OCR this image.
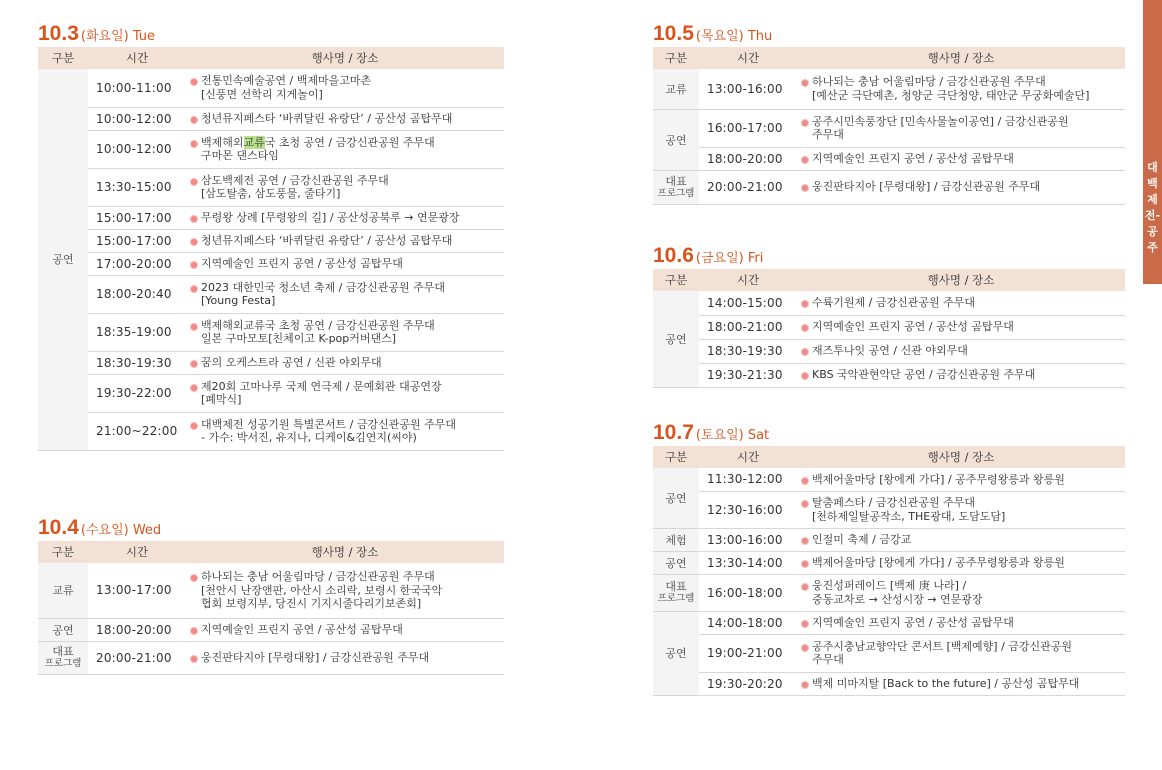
10.3 (화요일) Tue
구분	시간	행사명 / 장소
공연	10:00-11:00	전통민속예술공연 / 백제마을고마촌
[신풍면 선학리 지게놀이]

	10:00-12:00	청년뮤지페스타 ‘바퀴달린 유랑단’ / 공산성 곰탑무대

	10:00-12:00	백제해외교류국 초청 공연 / 금강신관공원 주무대
구마몬 댄스타임

	13:30-15:00	삼도백제전 공연 / 금강신관공원 주무대
[삼도탈춤, 삼도풍물, 줄타기]

	15:00-17:00	무령왕 상례 [무령왕의 길] / 공산성공북루 → 연문광장

	15:00-17:00	청년뮤지페스타 ‘바퀴달린 유랑단’ / 공산성 곰탑무대

	17:00-20:00	지역예술인 프린지 공연 / 공산성 곰탑무대

	18:00-20:40	2023 대한민국 청소년 축제 / 금강신관공원 주무대
[Young Festa]

	18:35-19:00	백제해외교류국 초청 공연 / 금강신관공원 주무대
일본 구마모토[친체이고 K-pop커버댄스]

	18:30-19:30	꿈의 오케스트라 공연 / 신관 야외무대

	19:30-22:00	제20회 고마나루 국제 연극제 / 문예회관 대공연장
[폐막식]

	21:00~22:00	대백제전 성공기원 특별콘서트 / 금강신관공원 주무대
- 가수: 박서진, 유지나, 디케이&김연지(씨야)
10.4 (수요일) Wed
구분	시간	행사명 / 장소
교류	13:00-17:00	하나되는 충남 어울림마당 / 금강신관공원 주무대
[천안시 난장앤판, 아산시 소리락, 보령시 한국국악
협회 보령지부, 당진시 기지시줄다리기보존회]

공연	18:00-20:00	지역예술인 프린지 공연 / 공산성 곰탑무대

대표
프로그램	20:00-21:00	웅진판타지아 [무령대왕] / 금강신관공원 주무대
10.5 (목요일) Thu
구분	시간	행사명 / 장소
교류	13:00-16:00	하나되는 충남 어울림마당 / 금강신관공원 주무대
[예산군 극단예촌, 청양군 극단청양, 태안군 무궁화예술단]

공연	16:00-17:00	공주시민속풍장단 [민속사물놀이공연] / 금강신관공원
주무대

	18:00-20:00	지역예술인 프린지 공연 / 공산성 곰탑무대

대표
프로그램	20:00-21:00	웅진판타지아 [무령대왕] / 금강신관공원 주무대
10.6 (금요일) Fri
구분	시간	행사명 / 장소
공연	14:00-15:00	수륙기원제 / 금강신관공원 주무대

	18:00-21:00	지역예술인 프린지 공연 / 공산성 곰탑무대

	18:30-19:30	재즈투나잇 공연 / 신관 야외무대

	19:30-21:30	KBS 국악관현악단 공연 / 금강신관공원 주무대
10.7 (토요일) Sat
구분	시간	행사명 / 장소
공연	11:30-12:00	백제어울마당 [왕에게 가다] / 공주무령왕릉과 왕릉원

	12:30-16:00	탈춤페스타 / 금강신관공원 주무대
[천하제일탈공작소, THE광대, 도담도담]

체험	13:00-16:00	인절미 축제 / 금강교

공연	13:30-14:00	백제어울마당 [왕에게 가다] / 공주무령왕릉과 왕릉원

대표
프로그램	16:00-18:00	웅진성퍼레이드 [백제 庚 나라] /
중동교차로 → 산성시장 → 연문광장

공연	14:00-18:00	지역예술인 프린지 공연 / 공산성 곰탑무대

	19:00-21:00	공주시충남교향악단 콘서트 [백제예향] / 금강신관공원
주무대

	19:30-20:20	백제 미마지탈 [Back to the future] / 공산성 곰탑무대
대백제전-공주
